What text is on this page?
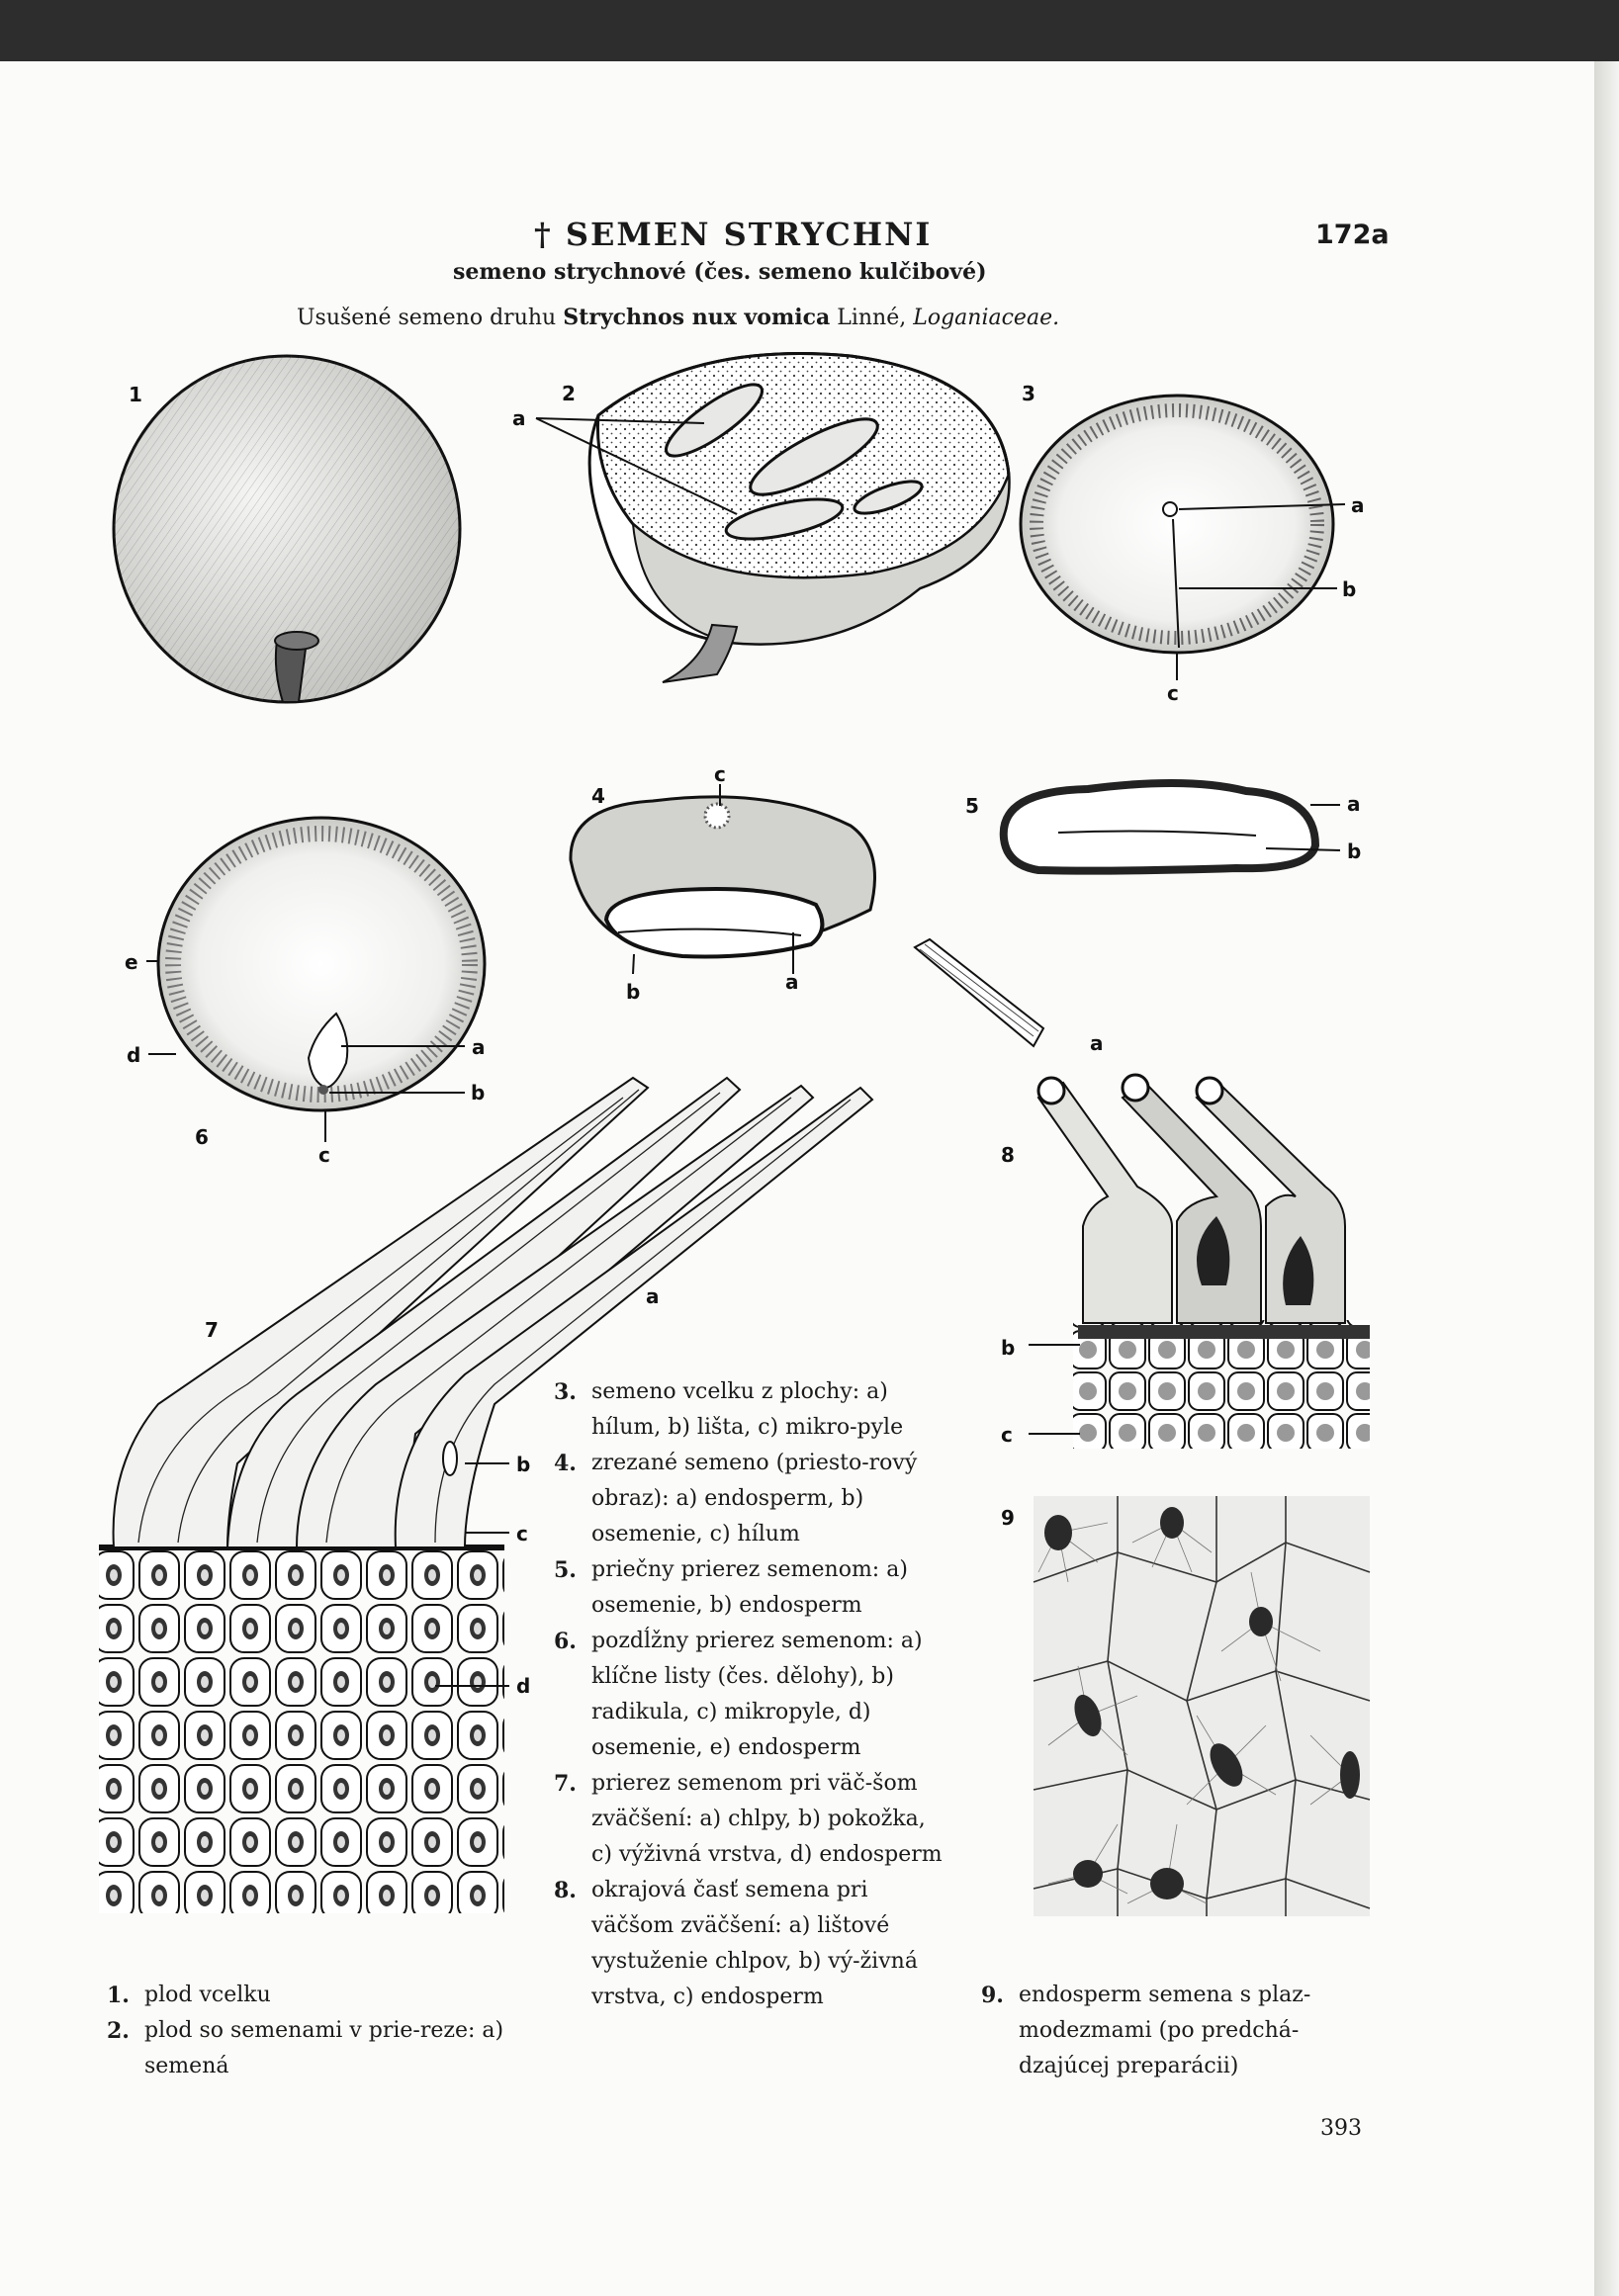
† SEMEN STRYCHNI	172a
semeno strychnové (čes. semeno kulčibové)
Usušené semeno druhu Strychnos nux vomica Linné, Loganiaceae.
1	2
a
3
a
b
c
4
c
b	a
5	a
b
e
d	a
b
c
6
7
a
b
c
d
a
8
b
c
9
1. plod vcelku
2. plod so semenami v prie-reze: a) semená
3. semeno vcelku z plochy: a) hílum, b) lišta, c) mikro-pyle
4. zrezané semeno (priesto-rový obraz): a) endosperm, b) osemenie, c) hílum
5. priečny prierez semenom: a) osemenie, b) endosperm
6. pozdĺžny prierez semenom: a) klíčne listy (čes. dělohy), b) radikula, c) mikropyle, d) osemenie, e) endosperm
7. prierez semenom pri väč-šom zväčšení: a) chlpy, b) pokožka, c) výživná vrstva, d) endosperm
8. okrajová časť semena pri väčšom zväčšení: a) lištové vystuženie chlpov, b) vý-živná vrstva, c) endosperm	9. endosperm semena s plaz-modezmami (po predchá-dzajúcej preparácii)
393
